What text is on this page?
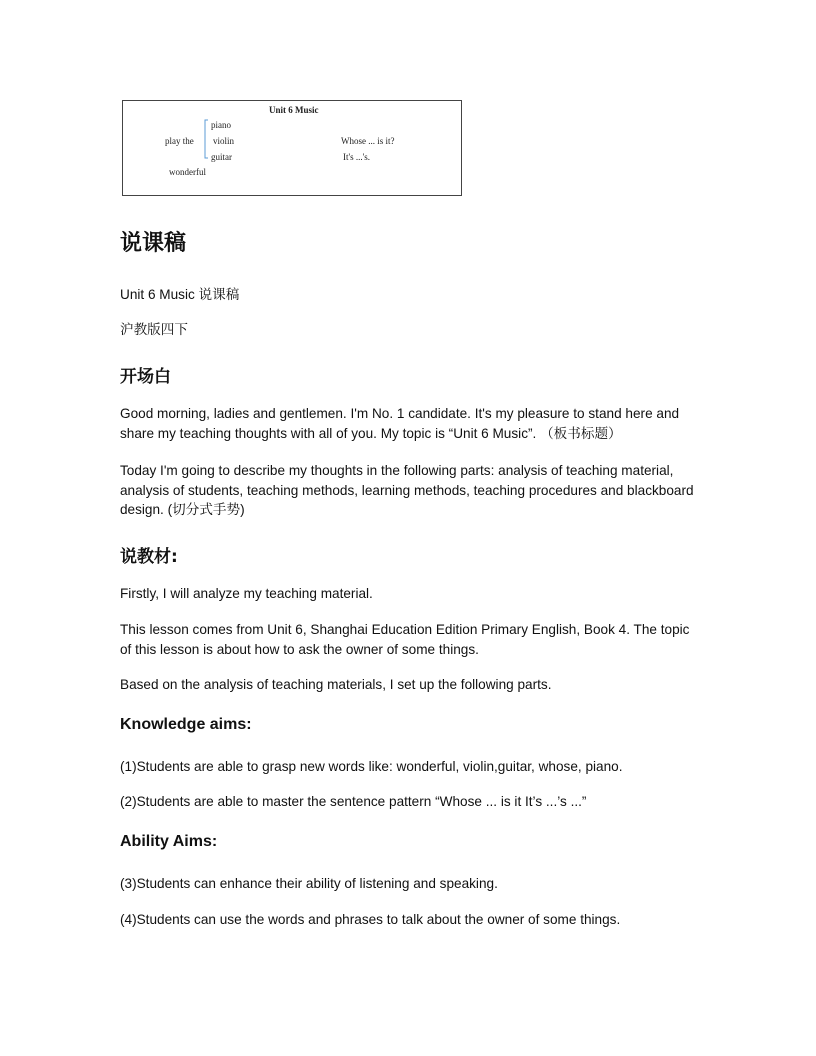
Unit 6 Music
play the
piano
violin
guitar
wonderful
Whose ... is it?
It's ...'s.
说课稿

Unit 6 Music 说课稿

沪教版四下

开场白

Good morning, ladies and gentlemen. I'm No. 1 candidate. It's my pleasure to stand here and share my teaching thoughts with all of you. My topic is “Unit 6 Music”. （板书标题）

Today I'm going to describe my thoughts in the following parts: analysis of teaching material, analysis of students, teaching methods, learning methods, teaching procedures and blackboard design. (切分式手势)

说教材:

Firstly, I will analyze my teaching material.

This lesson comes from Unit 6, Shanghai Education Edition Primary English, Book 4. The topic of this lesson is about how to ask the owner of some things.

Based on the analysis of teaching materials, I set up the following parts.

Knowledge aims:

(1)Students are able to grasp new words like: wonderful, violin,guitar, whose, piano.

(2)Students are able to master the sentence pattern “Whose ... is it It’s ...’s ...”

Ability Aims:

(3)Students can enhance their ability of listening and speaking.

(4)Students can use the words and phrases to talk about the owner of some things.
